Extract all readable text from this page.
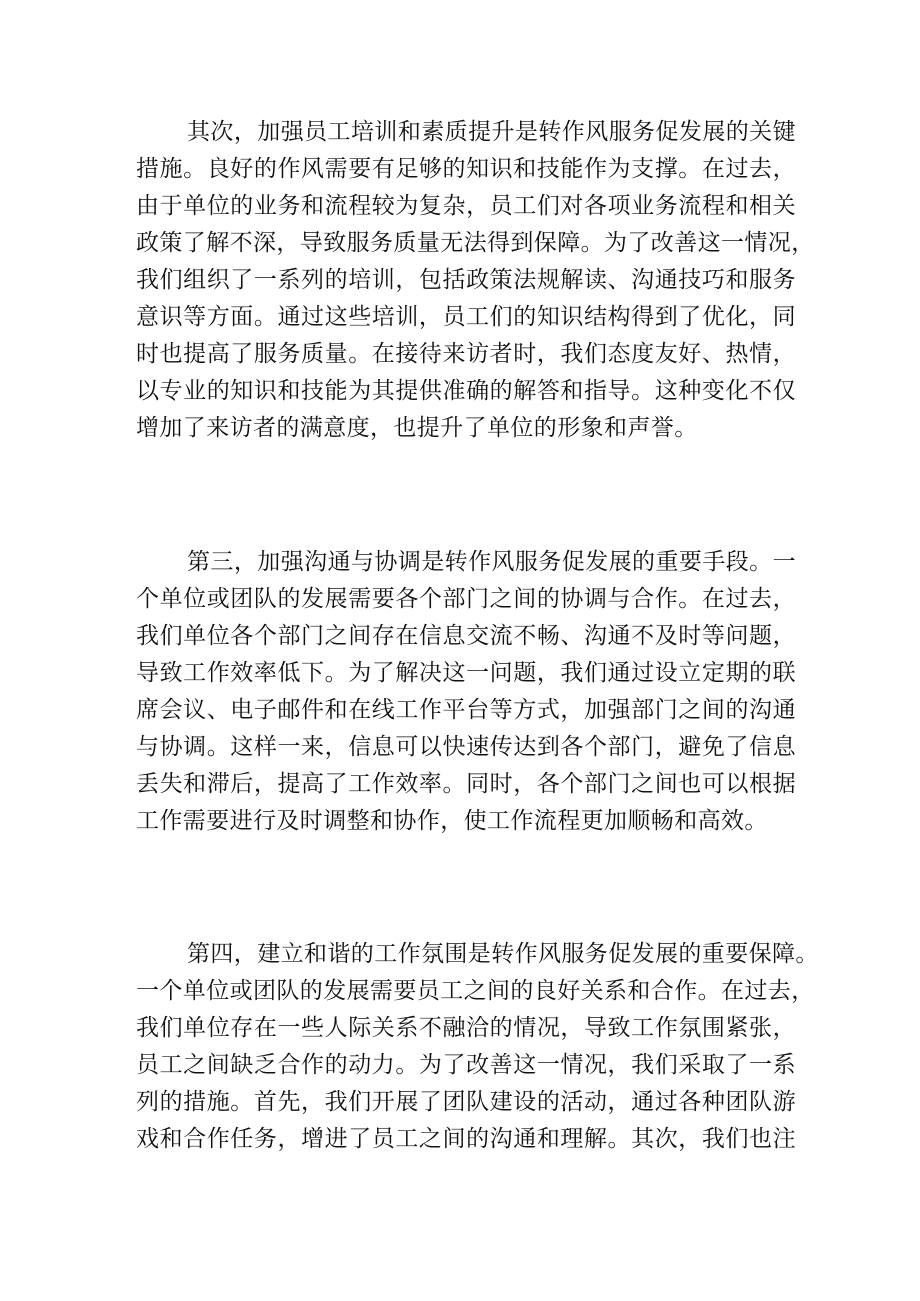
其次，加强员工培训和素质提升是转作风服务促发展的关键
措施。良好的作风需要有足够的知识和技能作为支撑。在过去，
由于单位的业务和流程较为复杂，员工们对各项业务流程和相关
政策了解不深，导致服务质量无法得到保障。为了改善这一情况，
我们组织了一系列的培训，包括政策法规解读、沟通技巧和服务
意识等方面。通过这些培训，员工们的知识结构得到了优化，同
时也提高了服务质量。在接待来访者时，我们态度友好、热情，
以专业的知识和技能为其提供准确的解答和指导。这种变化不仅
增加了来访者的满意度，也提升了单位的形象和声誉。
第三，加强沟通与协调是转作风服务促发展的重要手段。一
个单位或团队的发展需要各个部门之间的协调与合作。在过去，
我们单位各个部门之间存在信息交流不畅、沟通不及时等问题，
导致工作效率低下。为了解决这一问题，我们通过设立定期的联
席会议、电子邮件和在线工作平台等方式，加强部门之间的沟通
与协调。这样一来，信息可以快速传达到各个部门，避免了信息
丢失和滞后，提高了工作效率。同时，各个部门之间也可以根据
工作需要进行及时调整和协作，使工作流程更加顺畅和高效。
第四，建立和谐的工作氛围是转作风服务促发展的重要保障。
一个单位或团队的发展需要员工之间的良好关系和合作。在过去，
我们单位存在一些人际关系不融洽的情况，导致工作氛围紧张，
员工之间缺乏合作的动力。为了改善这一情况，我们采取了一系
列的措施。首先，我们开展了团队建设的活动，通过各种团队游
戏和合作任务，增进了员工之间的沟通和理解。其次，我们也注
